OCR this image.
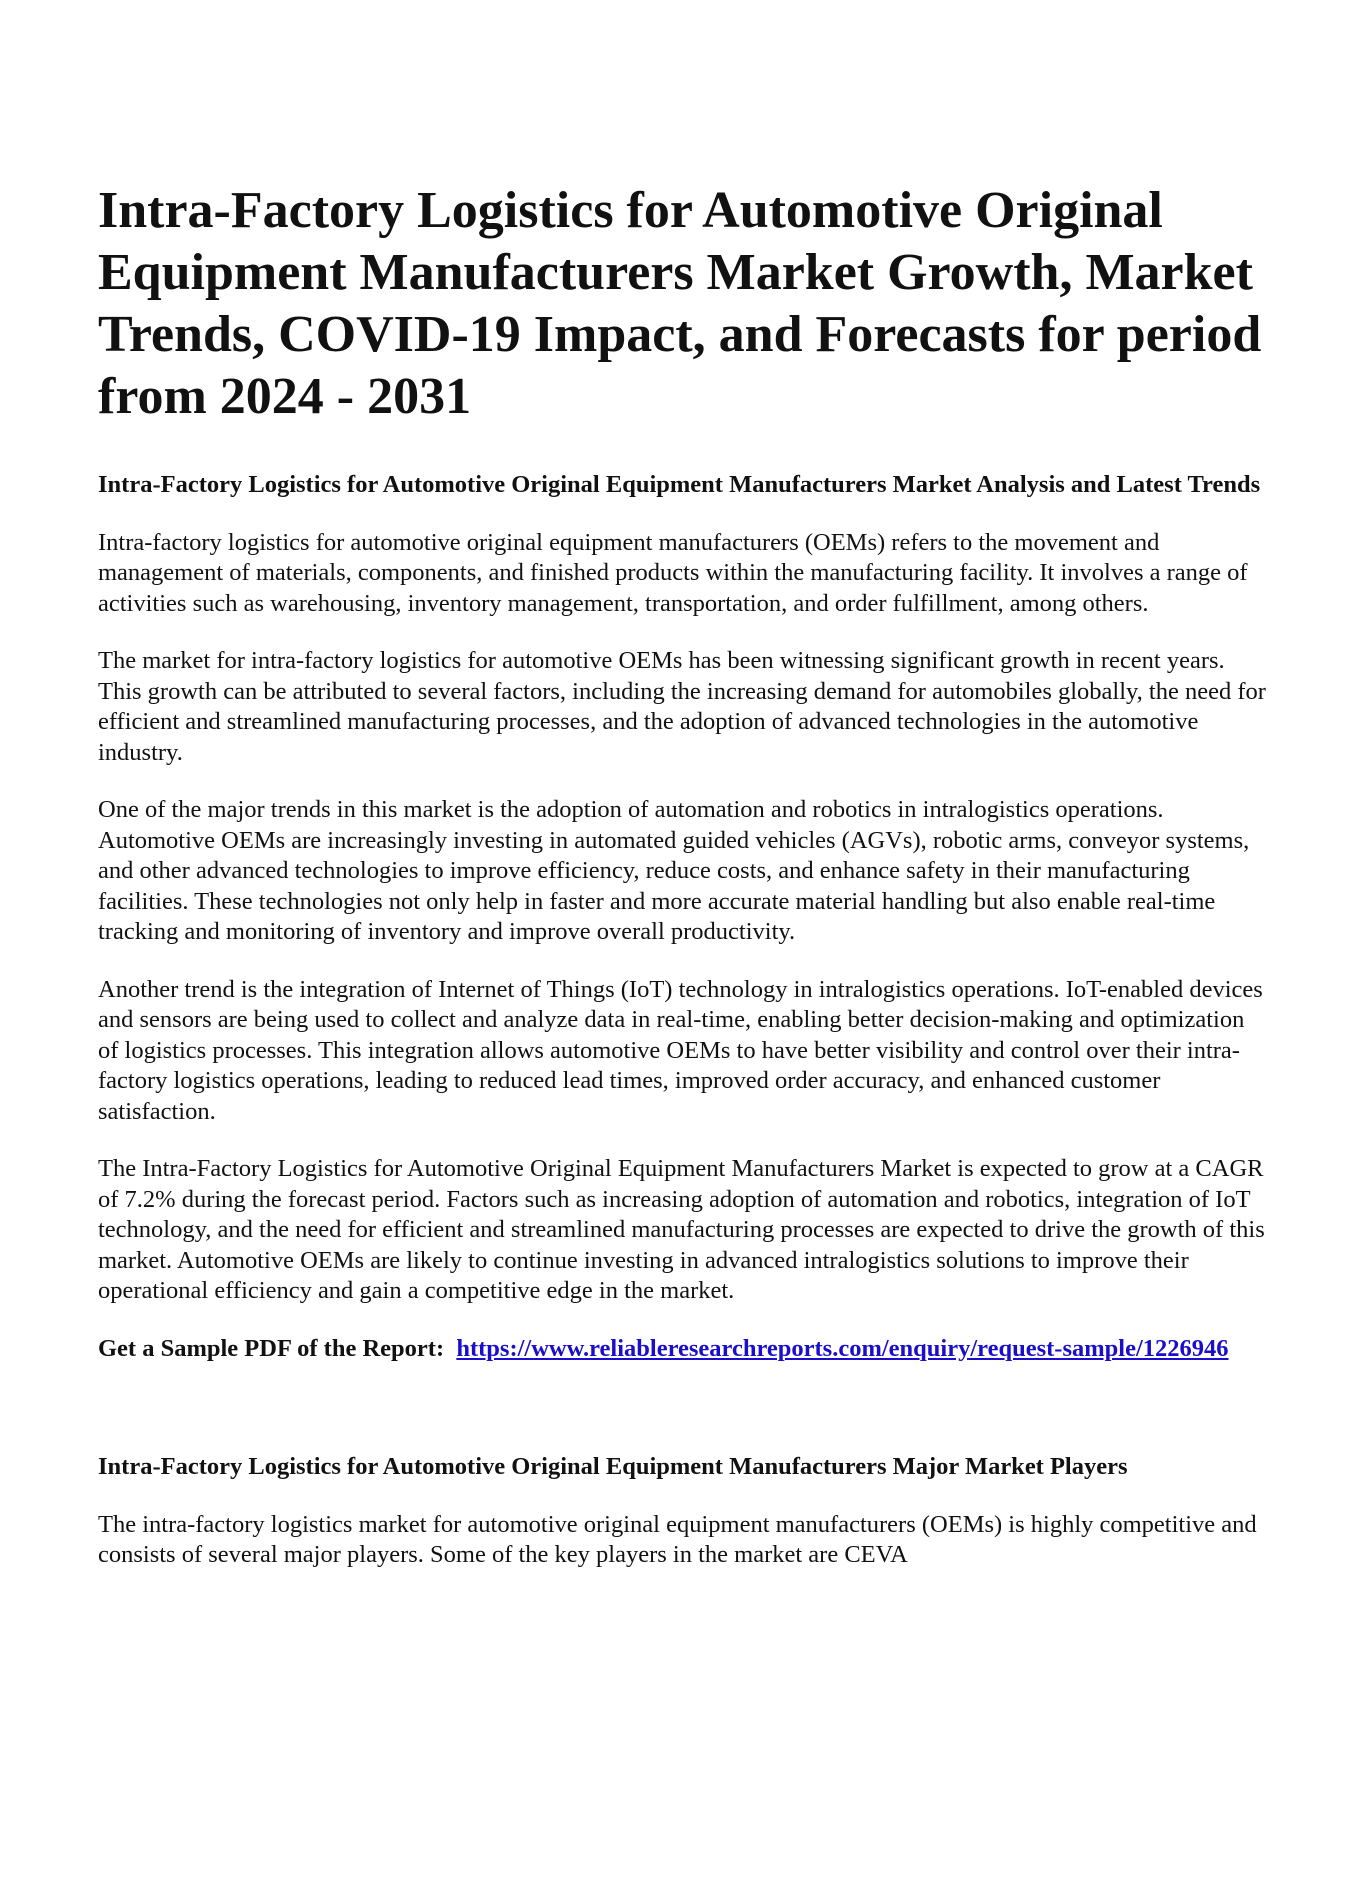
Intra-Factory Logistics for Automotive Original Equipment Manufacturers Market Growth, Market Trends, COVID-19 Impact, and Forecasts for period from 2024 - 2031
Intra-Factory Logistics for Automotive Original Equipment Manufacturers Market Analysis and Latest Trends

Intra-factory logistics for automotive original equipment manufacturers (OEMs) refers to the movement and management of materials, components, and finished products within the manufacturing facility. It involves a range of activities such as warehousing, inventory management, transportation, and order fulfillment, among others.

The market for intra-factory logistics for automotive OEMs has been witnessing significant growth in recent years. This growth can be attributed to several factors, including the increasing demand for automobiles globally, the need for efficient and streamlined manufacturing processes, and the adoption of advanced technologies in the automotive industry.

One of the major trends in this market is the adoption of automation and robotics in intralogistics operations. Automotive OEMs are increasingly investing in automated guided vehicles (AGVs), robotic arms, conveyor systems, and other advanced technologies to improve efficiency, reduce costs, and enhance safety in their manufacturing facilities. These technologies not only help in faster and more accurate material handling but also enable real-time tracking and monitoring of inventory and improve overall productivity.

Another trend is the integration of Internet of Things (IoT) technology in intralogistics operations. IoT-enabled devices and sensors are being used to collect and analyze data in real-time, enabling better decision-making and optimization of logistics processes. This integration allows automotive OEMs to have better visibility and control over their intra-factory logistics operations, leading to reduced lead times, improved order accuracy, and enhanced customer satisfaction.

The Intra-Factory Logistics for Automotive Original Equipment Manufacturers Market is expected to grow at a CAGR of 7.2% during the forecast period. Factors such as increasing adoption of automation and robotics, integration of IoT technology, and the need for efficient and streamlined manufacturing processes are expected to drive the growth of this market. Automotive OEMs are likely to continue investing in advanced intralogistics solutions to improve their operational efficiency and gain a competitive edge in the market.

Get a Sample PDF of the Report: https://www.reliableresearchreports.com/enquiry/request-sample/1226946

Intra-Factory Logistics for Automotive Original Equipment Manufacturers Major Market Players

The intra-factory logistics market for automotive original equipment manufacturers (OEMs) is highly competitive and consists of several major players. Some of the key players in the market are CEVA
